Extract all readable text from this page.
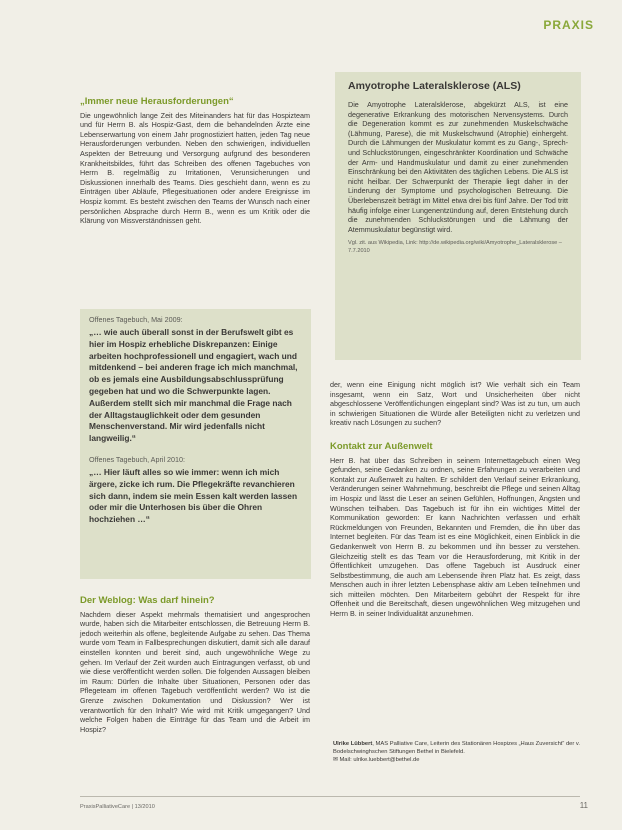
PRAXIS
„Immer neue Herausforderungen“

Die ungewöhnlich lange Zeit des Miteinanders hat für das Hospizteam und für Herrn B. als Hospiz-Gast, dem die behandelnden Ärzte eine Lebenserwartung von einem Jahr prognostiziert hatten, jeden Tag neue Herausforderungen verbunden. Neben den schwierigen, individuellen Aspekten der Betreuung und Versorgung aufgrund des besonderen Krankheitsbildes, führt das Schreiben des offenen Tagebuches von Herrn B. regelmäßig zu Irritationen, Verunsicherungen und Diskussionen innerhalb des Teams. Dies geschieht dann, wenn es zu Einträgen über Abläufe, Pflegesituationen oder andere Ereignisse im Hospiz kommt. Es besteht zwischen den Teams der Wunsch nach einer persönlichen Absprache durch Herrn B., wenn es um Kritik oder die Klärung von Missverständnissen geht.

Offenes Tagebuch, Mai 2009:

„… wie auch überall sonst in der Berufswelt gibt es hier im Hospiz erhebliche Diskrepanzen: Einige arbeiten hochprofessionell und engagiert, wach und mitdenkend – bei anderen frage ich mich manchmal, ob es jemals eine Ausbildungsabschlussprüfung gegeben hat und wo die Schwerpunkte lagen. Außerdem stellt sich mir manchmal die Frage nach der Alltagstauglichkeit oder dem gesunden Menschenverstand. Mir wird jedenfalls nicht langweilig.“

Offenes Tagebuch, April 2010:

„… Hier läuft alles so wie immer: wenn ich mich ärgere, zicke ich rum. Die Pflegekräfte revanchieren sich dann, indem sie mein Essen kalt werden lassen oder mir die Unterhosen bis über die Ohren hochziehen …“

Der Weblog: Was darf hinein?

Nachdem dieser Aspekt mehrmals thematisiert und angesprochen wurde, haben sich die Mitarbeiter entschlossen, die Betreuung Herrn B. jedoch weiterhin als offene, begleitende Aufgabe zu sehen. Das Thema wurde vom Team in Fallbesprechungen diskutiert, damit sich alle darauf einstellen konnten und bereit sind, auch ungewöhnliche Wege zu gehen. Im Verlauf der Zeit wurden auch Eintragungen verfasst, ob und wie diese veröffentlicht werden sollen. Die folgenden Aussagen bleiben im Raum: Dürfen die Inhalte über Situationen, Personen oder das Pflegeteam im offenen Tagebuch veröffentlicht werden? Wo ist die Grenze zwischen Dokumentation und Diskussion? Wer ist verantwortlich für den Inhalt? Wie wird mit Kritik umgegangen? Und welche Folgen haben die Einträge für das Team und die Arbeit im Hospiz?

Amyotrophe Lateralsklerose (ALS)

Die Amyotrophe Lateralsklerose, abgekürzt ALS, ist eine degenerative Erkrankung des motorischen Nervensystems. Durch die Degeneration kommt es zur zunehmenden Muskelschwäche (Lähmung, Parese), die mit Muskelschwund (Atrophie) einhergeht. Durch die Lähmungen der Muskulatur kommt es zu Gang-, Sprech- und Schluckstörungen, eingeschränkter Koordination und Schwäche der Arm- und Handmuskulatur und damit zu einer zunehmenden Einschränkung bei den Aktivitäten des täglichen Lebens. Die ALS ist nicht heilbar. Der Schwerpunkt der Therapie liegt daher in der Linderung der Symptome und psychologischen Betreuung. Die Überlebenszeit beträgt im Mittel etwa drei bis fünf Jahre. Der Tod tritt häufig infolge einer Lungenentzündung auf, deren Entstehung durch die zunehmenden Schluckstörungen und die Lähmung der Atemmuskulatur begünstigt wird.

Vgl. zit. aus Wikipedia, Link: http://de.wikipedia.org/wiki/Amyotrophe_Lateralsklerose – 7.7.2010

der, wenn eine Einigung nicht möglich ist? Wie verhält sich ein Team insgesamt, wenn ein Satz, Wort und Unsicherheiten über nicht abgeschlossene Veröffentlichungen eingeplant sind? Was ist zu tun, um auch in schwierigen Situationen die Würde aller Beteiligten nicht zu verletzen und kreativ nach Lösungen zu suchen?

Kontakt zur Außenwelt

Herr B. hat über das Schreiben in seinem Internettagebuch einen Weg gefunden, seine Gedanken zu ordnen, seine Erfahrungen zu verarbeiten und Kontakt zur Außenwelt zu halten. Er schildert den Verlauf seiner Erkrankung, Veränderungen seiner Wahrnehmung, beschreibt die Pflege und seinen Alltag im Hospiz und lässt die Leser an seinen Gefühlen, Hoffnungen, Ängsten und Wünschen teilhaben. Das Tagebuch ist für ihn ein wichtiges Mittel der Kommunikation geworden: Er kann Nachrichten verfassen und erhält Rückmeldungen von Freunden, Bekannten und Fremden, die ihn über das Internet begleiten. Für das Team ist es eine Möglichkeit, einen Einblick in die Gedankenwelt von Herrn B. zu bekommen und ihn besser zu verstehen. Gleichzeitig stellt es das Team vor die Herausforderung, mit Kritik in der Öffentlichkeit umzugehen. Das offene Tagebuch ist Ausdruck einer Selbstbestimmung, die auch am Lebensende ihren Platz hat. Es zeigt, dass Menschen auch in ihrer letzten Lebensphase aktiv am Leben teilnehmen und sich mitteilen möchten. Den Mitarbeitern gebührt der Respekt für ihre Offenheit und die Bereitschaft, diesen ungewöhnlichen Weg mitzugehen und Herrn B. in seiner Individualität anzunehmen.

Ulrike Lübbert, MAS Palliative Care, Leiterin des Stationären Hospizes „Haus Zuversicht“ der v. Bodelschwinghschen Stiftungen Bethel in Bielefeld.
✉ Mail: ulrike.luebbert@bethel.de
PraxisPalliativeCare | 13/2010	11
